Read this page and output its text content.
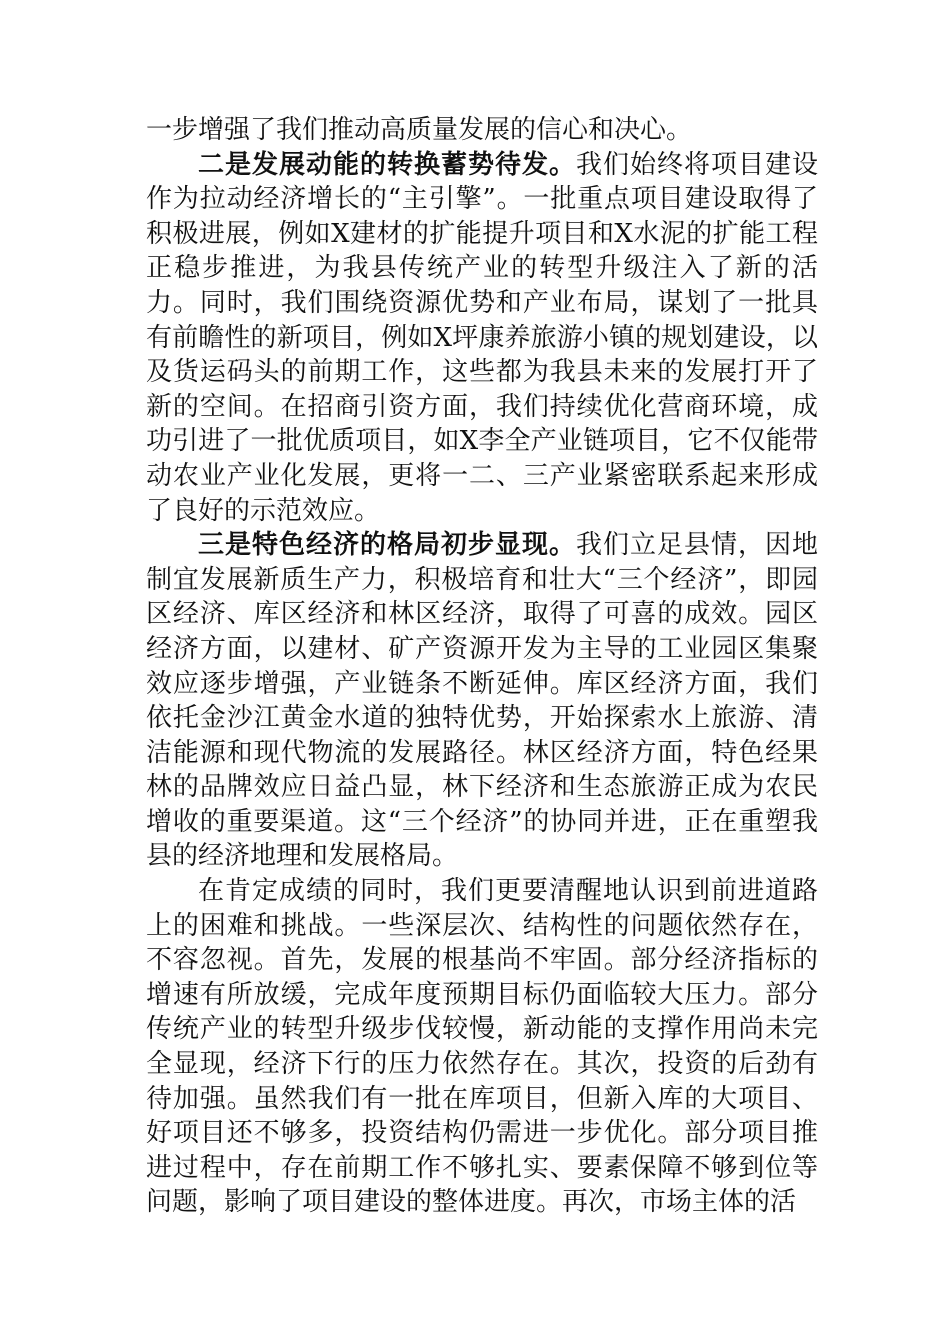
一步增强了我们推动高质量发展的信心和决心。

二是发展动能的转换蓄势待发。我们始终将项目建设作为拉动经济增长的“主引擎”。一批重点项目建设取得了积极进展，例如X建材的扩能提升项目和X水泥的扩能工程正稳步推进，为我县传统产业的转型升级注入了新的活力。同时，我们围绕资源优势和产业布局，谋划了一批具有前瞻性的新项目，例如X坪康养旅游小镇的规划建设，以及货运码头的前期工作，这些都为我县未来的发展打开了新的空间。在招商引资方面，我们持续优化营商环境，成功引进了一批优质项目，如X李全产业链项目，它不仅能带动农业产业化发展，更将一二、三产业紧密联系起来形成了良好的示范效应。

三是特色经济的格局初步显现。我们立足县情，因地制宜发展新质生产力，积极培育和壮大“三个经济”，即园区经济、库区经济和林区经济，取得了可喜的成效。园区经济方面，以建材、矿产资源开发为主导的工业园区集聚效应逐步增强，产业链条不断延伸。库区经济方面，我们依托金沙江黄金水道的独特优势，开始探索水上旅游、清洁能源和现代物流的发展路径。林区经济方面，特色经果林的品牌效应日益凸显，林下经济和生态旅游正成为农民增收的重要渠道。这“三个经济”的协同并进，正在重塑我县的经济地理和发展格局。

在肯定成绩的同时，我们更要清醒地认识到前进道路上的困难和挑战。一些深层次、结构性的问题依然存在，不容忽视。首先，发展的根基尚不牢固。部分经济指标的增速有所放缓，完成年度预期目标仍面临较大压力。部分传统产业的转型升级步伐较慢，新动能的支撑作用尚未完全显现，经济下行的压力依然存在。其次，投资的后劲有待加强。虽然我们有一批在库项目，但新入库的大项目、好项目还不够多，投资结构仍需进一步优化。部分项目推进过程中，存在前期工作不够扎实、要素保障不够到位等问题，影响了项目建设的整体进度。再次，市场主体的活
